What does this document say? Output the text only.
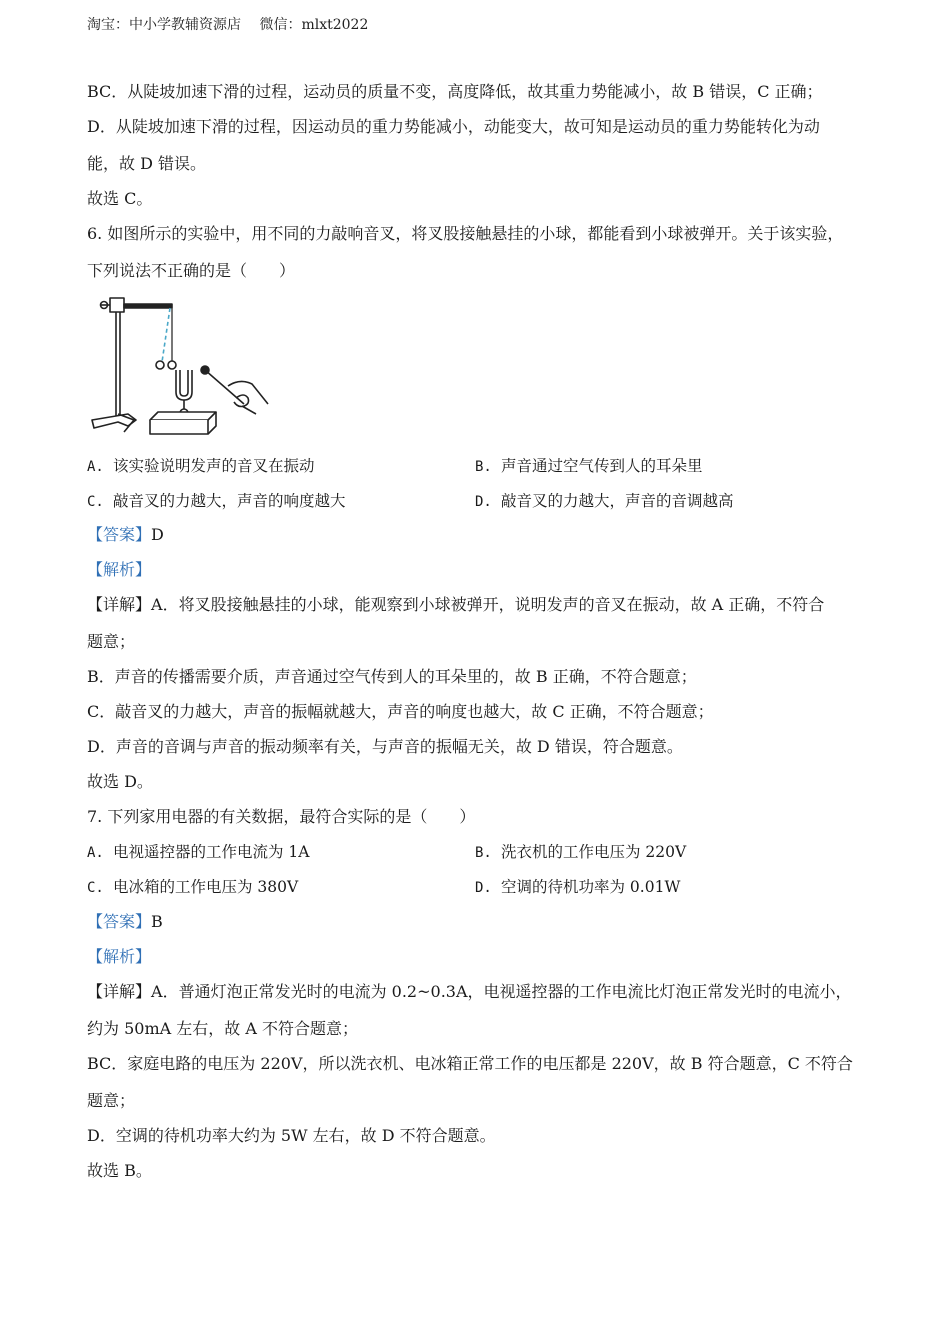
淘宝：中小学教辅资源店 微信：mlxt2022
BC．从陡坡加速下滑的过程，运动员的质量不变，高度降低，故其重力势能减小，故 B 错误，C 正确；
D．从陡坡加速下滑的过程，因运动员的重力势能减小，动能变大，故可知是运动员的重力势能转化为动
能，故 D 错误。
故选 C。
6. 如图所示的实验中，用不同的力敲响音叉，将叉股接触悬挂的小球，都能看到小球被弹开。关于该实验，
下列说法不正确的是（　　）
A. 该实验说明发声的音叉在振动	B. 声音通过空气传到人的耳朵里
C. 敲音叉的力越大，声音的响度越大	D. 敲音叉的力越大，声音的音调越高
【答案】D
【解析】
【详解】A．将叉股接触悬挂的小球，能观察到小球被弹开，说明发声的音叉在振动，故 A 正确，不符合
题意；
B．声音的传播需要介质，声音通过空气传到人的耳朵里的，故 B 正确，不符合题意；
C．敲音叉的力越大，声音的振幅就越大，声音的响度也越大，故 C 正确，不符合题意；
D．声音的音调与声音的振动频率有关，与声音的振幅无关，故 D 错误，符合题意。
故选 D。
7. 下列家用电器的有关数据，最符合实际的是（　　）
A. 电视遥控器的工作电流为 1A	B. 洗衣机的工作电压为 220V
C. 电冰箱的工作电压为 380V	D. 空调的待机功率为 0.01W
【答案】B
【解析】
【详解】A．普通灯泡正常发光时的电流为 0.2~0.3A，电视遥控器的工作电流比灯泡正常发光时的电流小，
约为 50mA 左右，故 A 不符合题意；
BC．家庭电路的电压为 220V，所以洗衣机、电冰箱正常工作的电压都是 220V，故 B 符合题意，C 不符合
题意；
D．空调的待机功率大约为 5W 左右，故 D 不符合题意。
故选 B。
